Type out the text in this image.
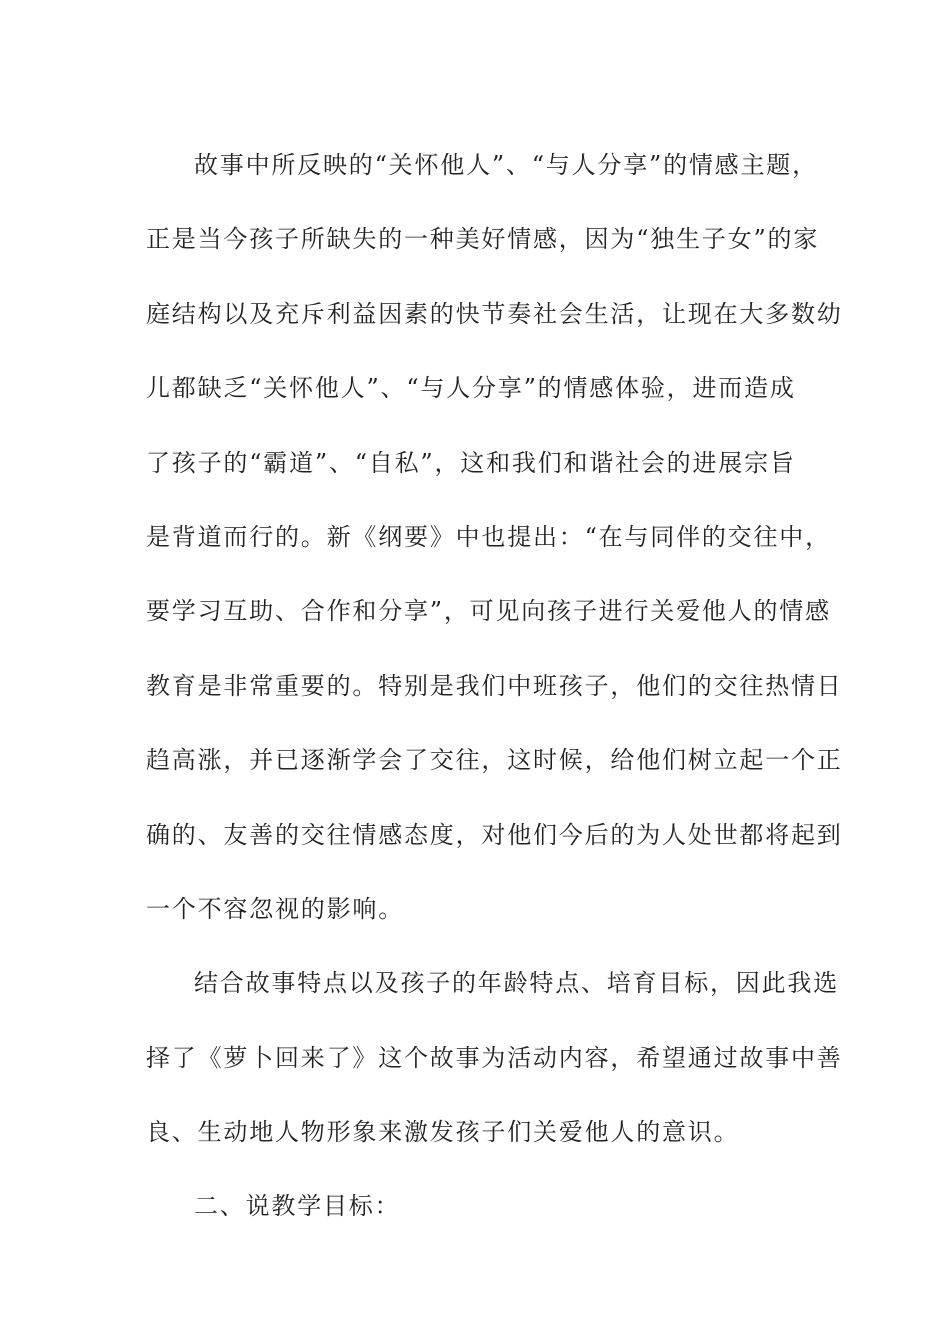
故事中所反映的“关怀他人”、“与人分享”的情感主题，
正是当今孩子所缺失的一种美好情感，因为“独生子女”的家
庭结构以及充斥利益因素的快节奏社会生活，让现在大多数幼
儿都缺乏“关怀他人”、“与人分享”的情感体验，进而造成
了孩子的“霸道”、“自私”，这和我们和谐社会的进展宗旨
是背道而行的。新《纲要》中也提出：“在与同伴的交往中，
要学习互助、合作和分享”，可见向孩子进行关爱他人的情感
教育是非常重要的。特别是我们中班孩子，他们的交往热情日
趋高涨，并已逐渐学会了交往，这时候，给他们树立起一个正
确的、友善的交往情感态度，对他们今后的为人处世都将起到
一个不容忽视的影响。
结合故事特点以及孩子的年龄特点、培育目标，因此我选
择了《萝卜回来了》这个故事为活动内容，希望通过故事中善
良、生动地人物形象来激发孩子们关爱他人的意识。
二、说教学目标：
